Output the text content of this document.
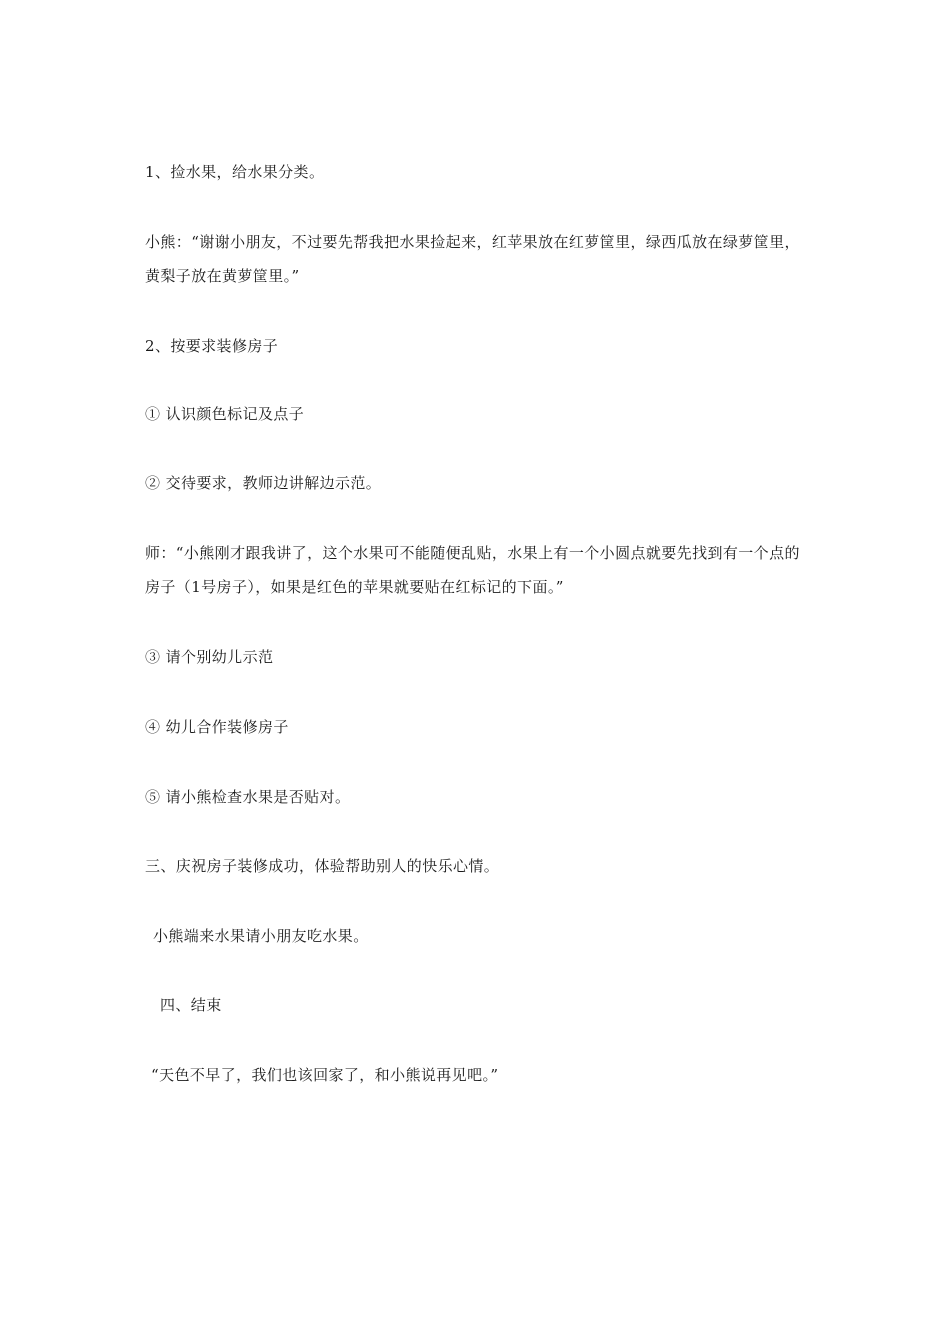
1、捡水果，给水果分类。

小熊：“谢谢小朋友，不过要先帮我把水果捡起来，红苹果放在红萝筐里，绿西瓜放在绿萝筐里，黄梨子放在黄萝筐里。”

2、按要求装修房子

① 认识颜色标记及点子

② 交待要求，教师边讲解边示范。

师：“小熊刚才跟我讲了，这个水果可不能随便乱贴，水果上有一个小圆点就要先找到有一个点的房子（1号房子），如果是红色的苹果就要贴在红标记的下面。”

③ 请个别幼儿示范

④ 幼儿合作装修房子

⑤ 请小熊检查水果是否贴对。

三、庆祝房子装修成功，体验帮助别人的快乐心情。

小熊端来水果请小朋友吃水果。

四、结束

“天色不早了，我们也该回家了，和小熊说再见吧。”
